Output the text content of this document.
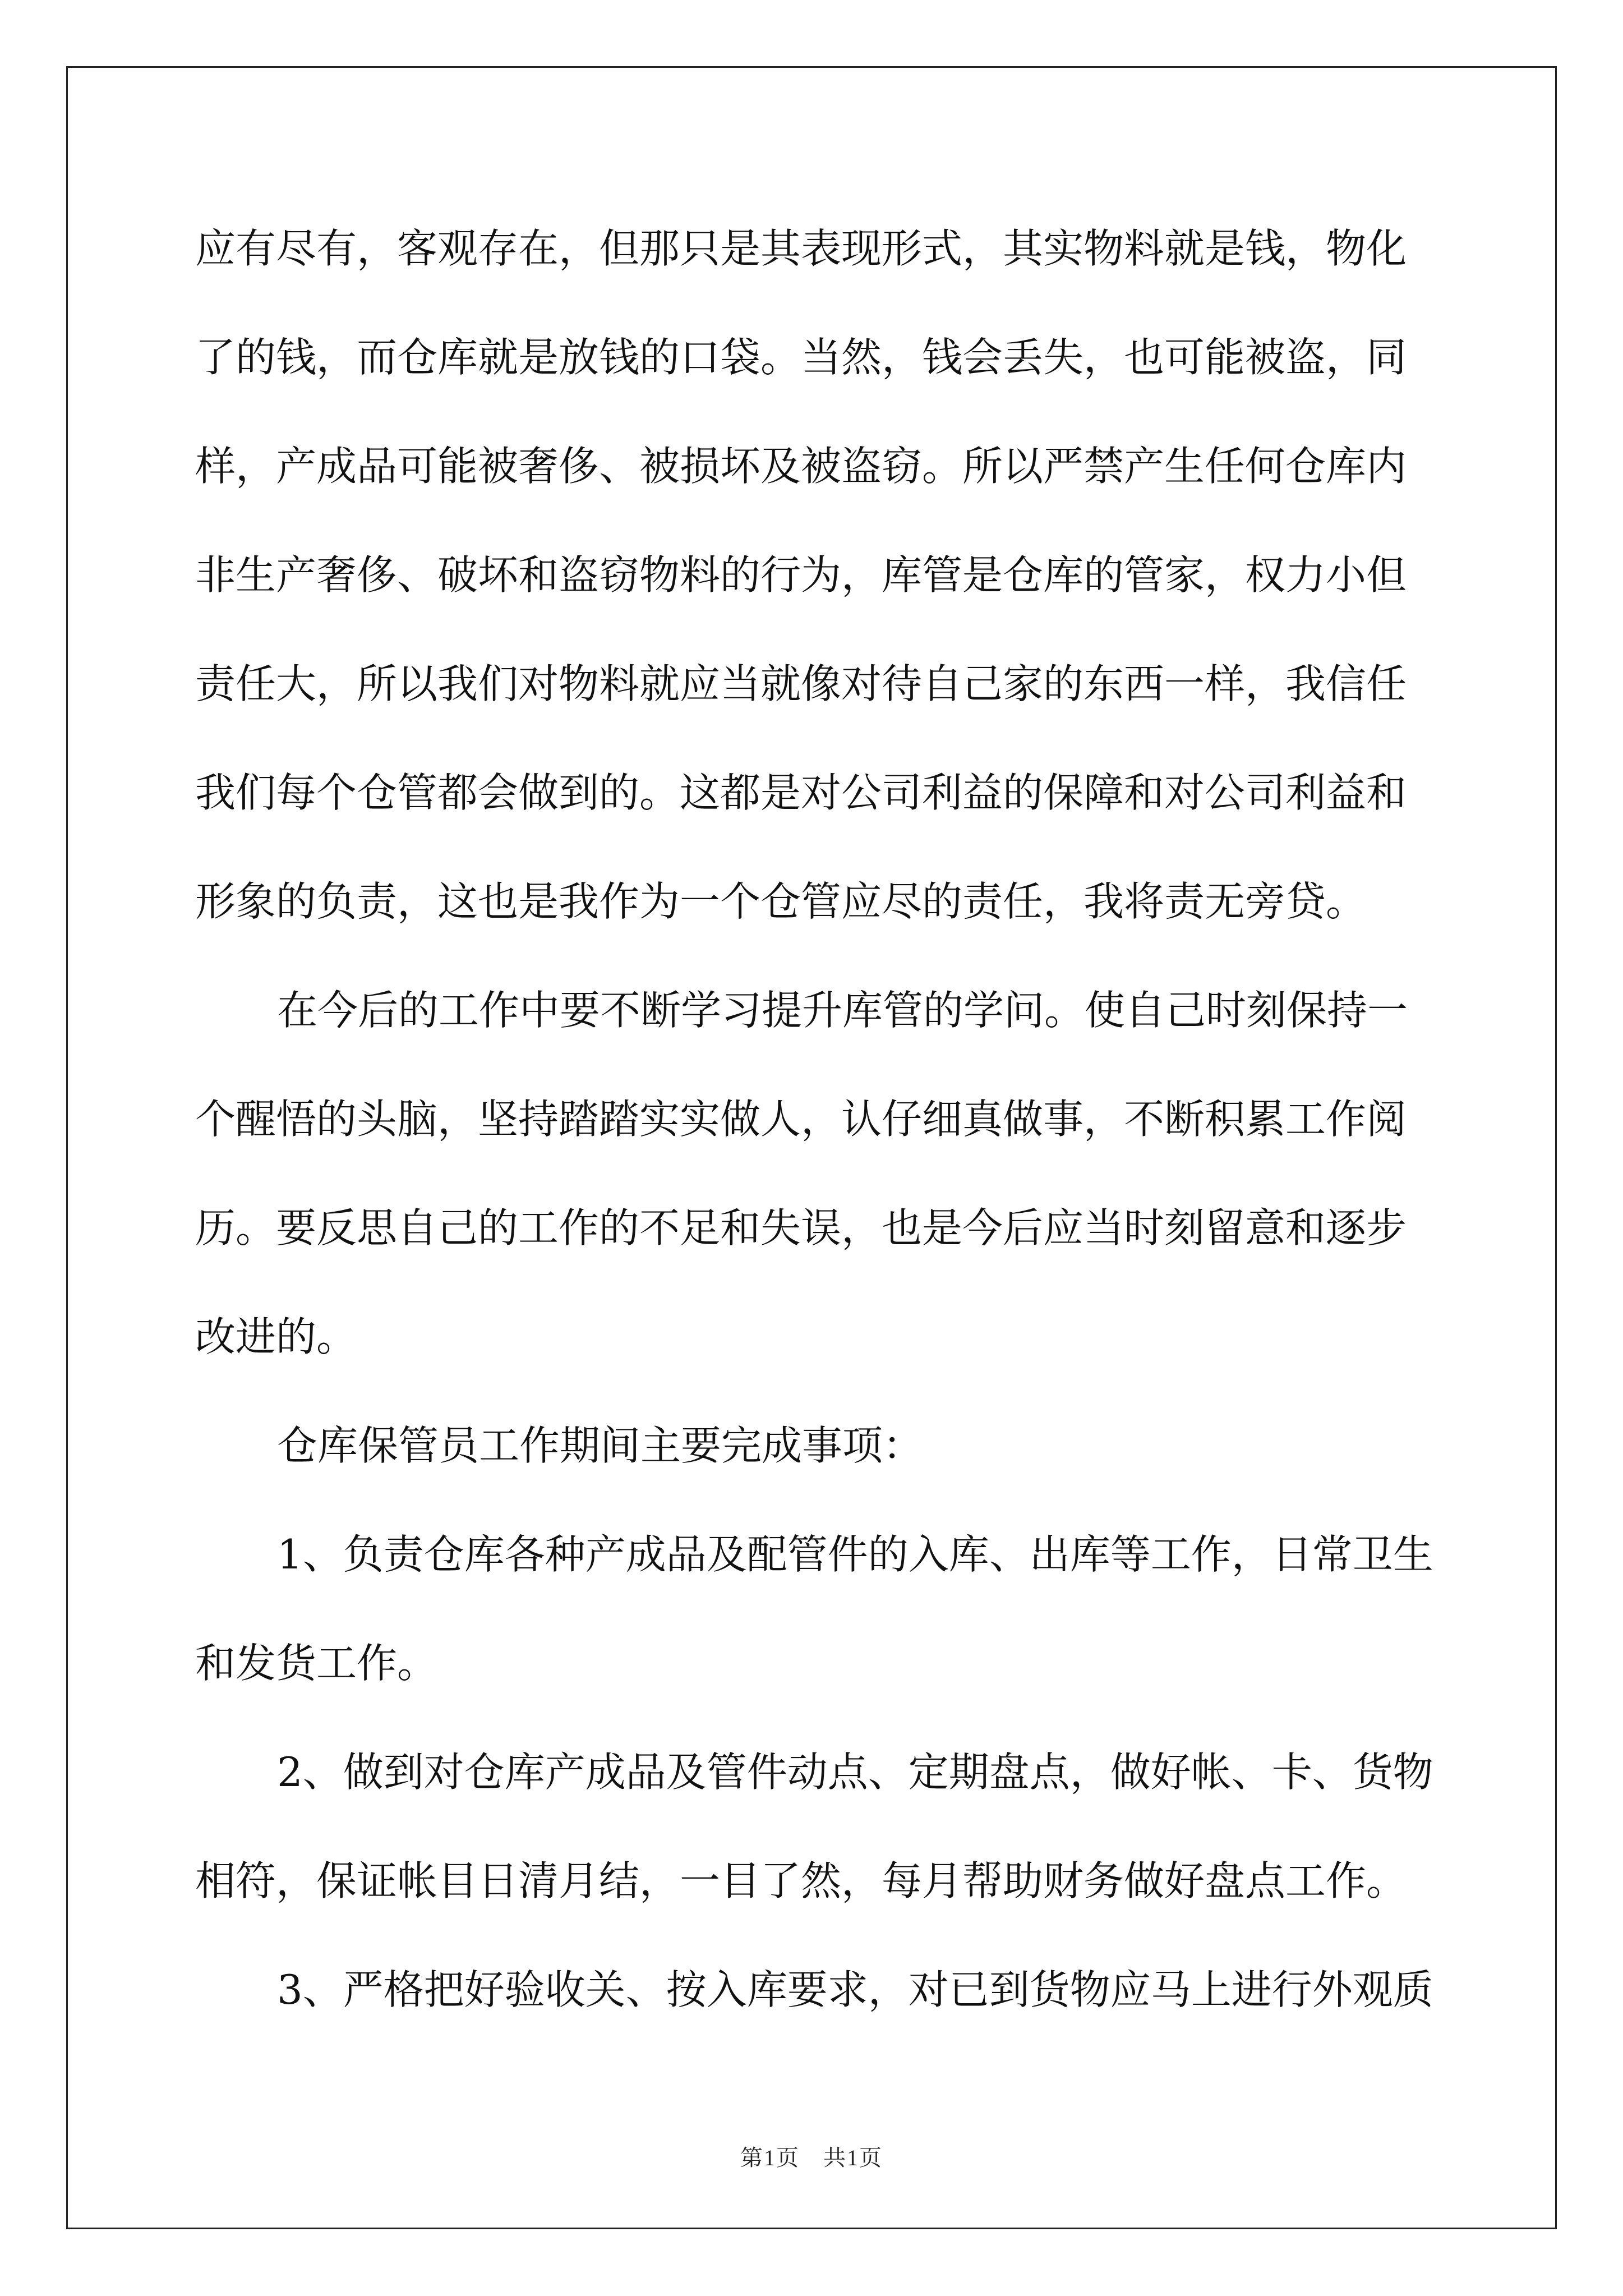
应有尽有，客观存在，但那只是其表现形式，其实物料就是钱，物化
了的钱，而仓库就是放钱的口袋。当然，钱会丢失，也可能被盗，同
样，产成品可能被奢侈、被损坏及被盗窃。所以严禁产生任何仓库内
非生产奢侈、破坏和盗窃物料的行为，库管是仓库的管家，权力小但
责任大，所以我们对物料就应当就像对待自己家的东西一样，我信任
我们每个仓管都会做到的。这都是对公司利益的保障和对公司利益和
形象的负责，这也是我作为一个仓管应尽的责任，我将责无旁贷。
在今后的工作中要不断学习提升库管的学问。使自己时刻保持一
个醒悟的头脑，坚持踏踏实实做人，认仔细真做事，不断积累工作阅
历。要反思自己的工作的不足和失误，也是今后应当时刻留意和逐步
改进的。
仓库保管员工作期间主要完成事项：
1、负责仓库各种产成品及配管件的入库、出库等工作，日常卫生
和发货工作。
2、做到对仓库产成品及管件动点、定期盘点，做好帐、卡、货物
相符，保证帐目日清月结，一目了然，每月帮助财务做好盘点工作。
3、严格把好验收关、按入库要求，对已到货物应马上进行外观质
第1页　共1页
